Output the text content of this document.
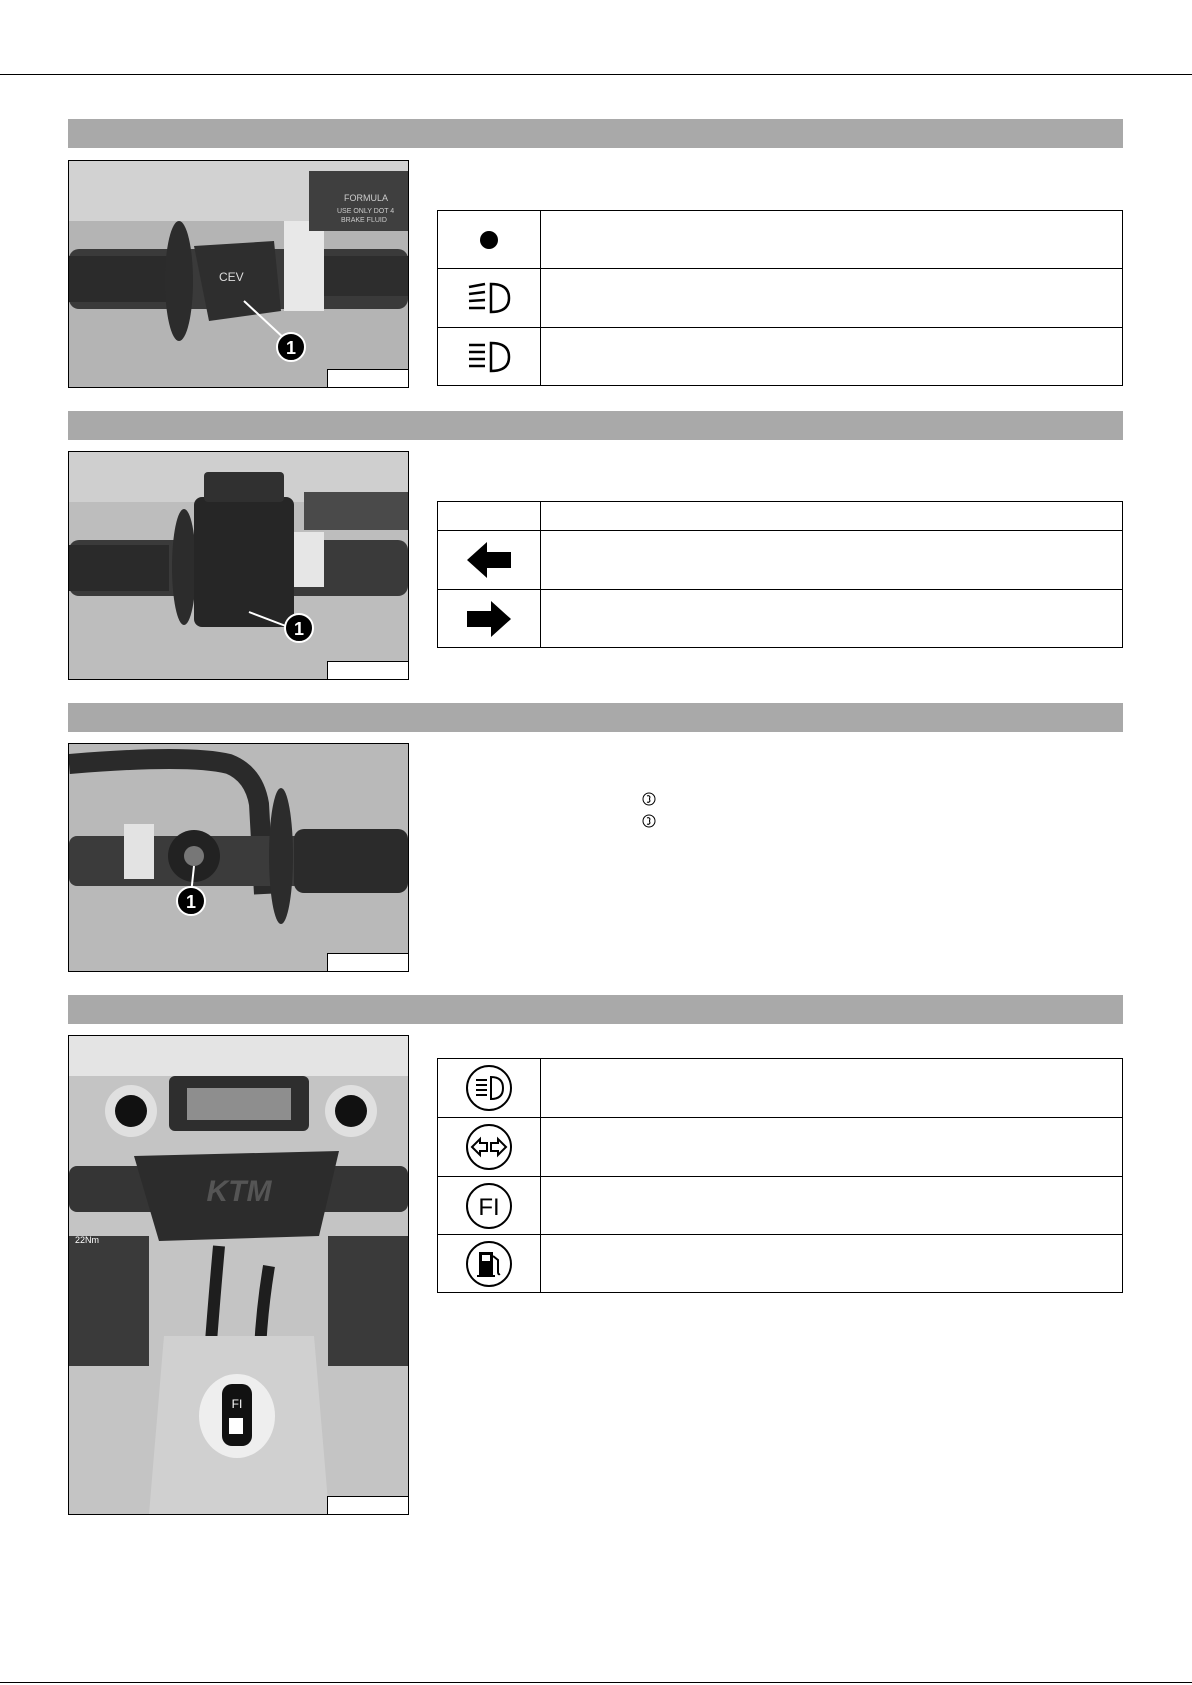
CEV
FORMULA
USE ONLY DOT 4
BRAKE FLUID
1

1

1
KTM
22Nm
FI

FI	
